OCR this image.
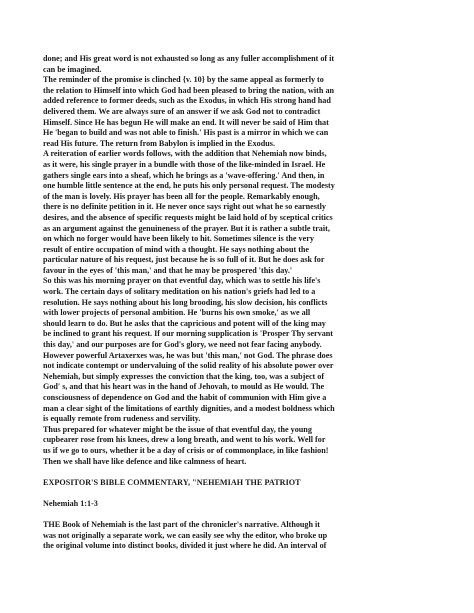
done; and His great word is not exhausted so long as any fuller accomplishment of it
can be imagined.
The reminder of the promise is clinched {v. 10} by the same appeal as formerly to
the relation to Himself into which God had been pleased to bring the nation, with an
added reference to former deeds, such as the Exodus, in which His strong hand had
delivered them. We are always sure of an answer if we ask God not to contradict
Himself. Since He has begun He will make an end. It will never be said of Him that
He 'began to build and was not able to finish.' His past is a mirror in which we can
read His future. The return from Babylon is implied in the Exodus.
A reiteration of earlier words follows, with the addition that Nehemiah now binds,
as it were, his single prayer in a bundle with those of the like-minded in Israel. He
gathers single ears into a sheaf, which he brings as a 'wave-offering.' And then, in
one humble little sentence at the end, he puts his only personal request. The modesty
of the man is lovely. His prayer has been all for the people. Remarkably enough,
there is no definite petition in it. He never once says right out what he so earnestly
desires, and the absence of specific requests might be laid hold of by sceptical critics
as an argument against the genuineness of the prayer. But it is rather a subtle trait,
on which no forger would have been likely to hit. Sometimes silence is the very
result of entire occupation of mind with a thought. He says nothing about the
particular nature of his request, just because he is so full of it. But he does ask for
favour in the eyes of 'this man,' and that he may be prospered 'this day.'
So this was his morning prayer on that eventful day, which was to settle his life's
work. The certain days of solitary meditation on his nation's griefs had led to a
resolution. He says nothing about his long brooding, his slow decision, his conflicts
with lower projects of personal ambition. He 'burns his own smoke,' as we all
should learn to do. But he asks that the capricious and potent will of the king may
be inclined to grant his request. If our morning supplication is 'Prosper Thy servant
this day,' and our purposes are for God's glory, we need not fear facing anybody.
However powerful Artaxerxes was, he was but 'this man,' not God. The phrase does
not indicate contempt or undervaluing of the solid reality of his absolute power over
Nehemiah, but simply expresses the conviction that the king, too, was a subject of
God' s, and that his heart was in the hand of Jehovah, to mould as He would. The
consciousness of dependence on God and the habit of communion with Him give a
man a clear sight of the limitations of earthly dignities, and a modest boldness which
is equally remote from rudeness and servility.
Thus prepared for whatever might be the issue of that eventful day, the young
cupbearer rose from his knees, drew a long breath, and went to his work. Well for
us if we go to ours, whether it be a day of crisis or of commonplace, in like fashion!
Then we shall have like defence and like calmness of heart.
EXPOSITOR'S BIBLE COMMENTARY, "NEHEMIAH THE PATRIOT
Nehemiah 1:1-3
THE Book of Nehemiah is the last part of the chronicler's narrative. Although it
was not originally a separate work, we can easily see why the editor, who broke up
the original volume into distinct books, divided it just where he did. An interval of
